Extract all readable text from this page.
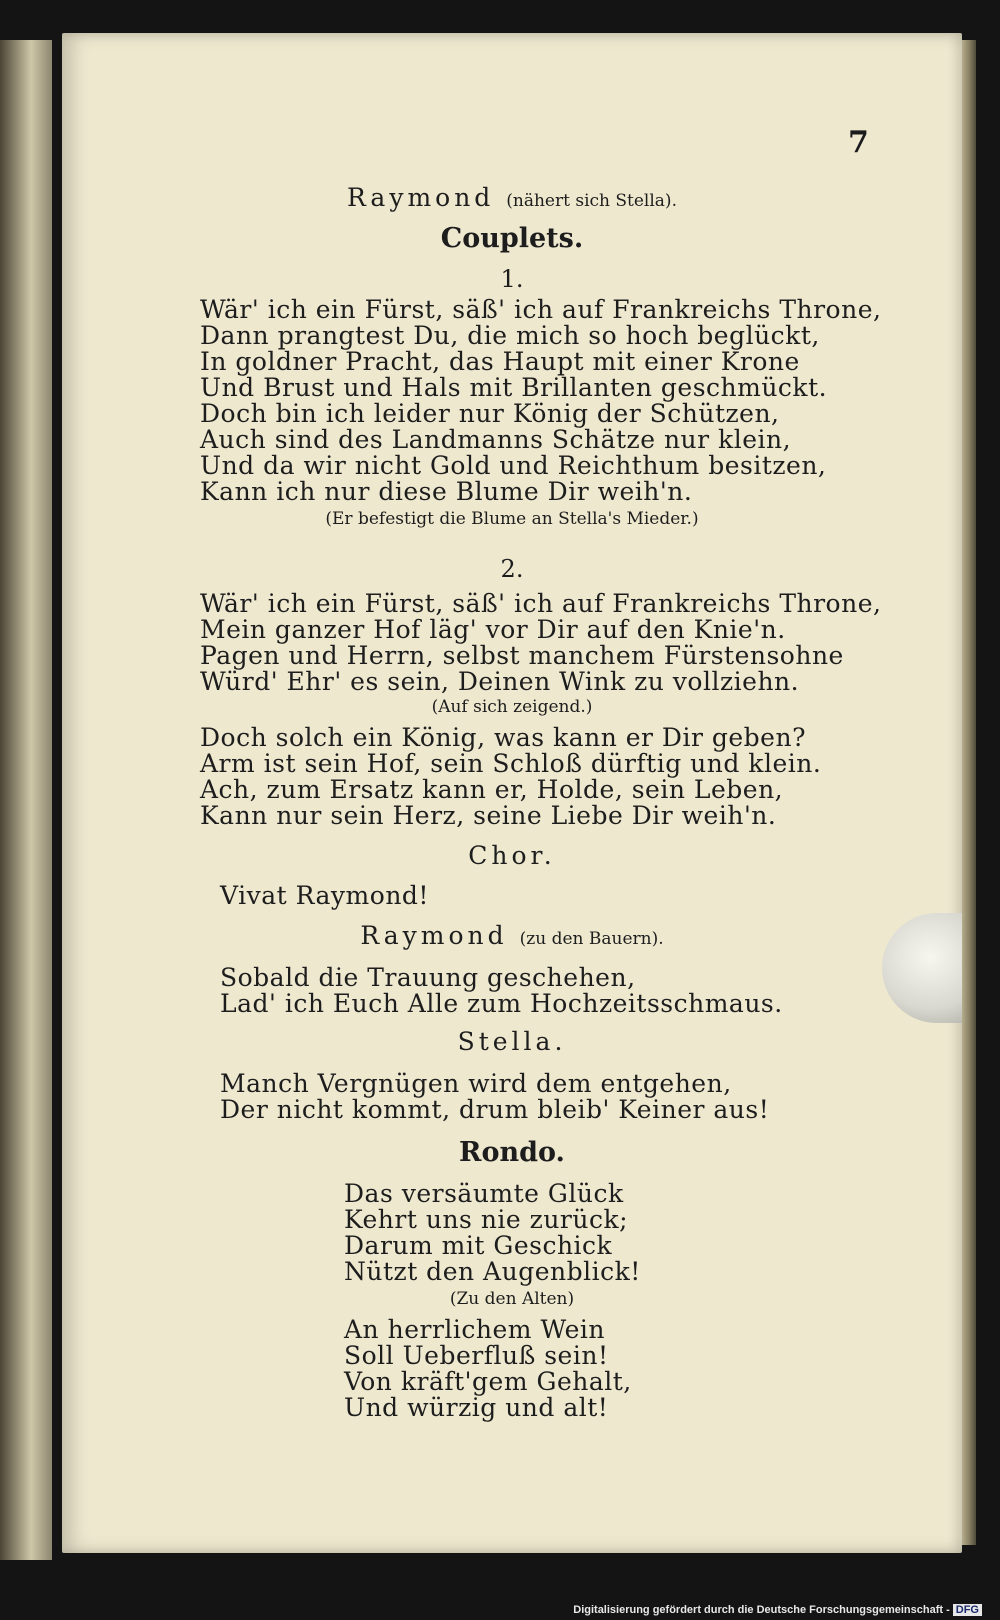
7
Raymond (nähert sich Stella).
Couplets.
1.
Wär' ich ein Fürst, säß' ich auf Frankreichs Throne,
Dann prangtest Du, die mich so hoch beglückt,
In goldner Pracht, das Haupt mit einer Krone
Und Brust und Hals mit Brillanten geschmückt.
Doch bin ich leider nur König der Schützen,
Auch sind des Landmanns Schätze nur klein,
Und da wir nicht Gold und Reichthum besitzen,
Kann ich nur diese Blume Dir weih'n.
(Er befestigt die Blume an Stella's Mieder.)
2.
Wär' ich ein Fürst, säß' ich auf Frankreichs Throne,
Mein ganzer Hof läg' vor Dir auf den Knie'n.
Pagen und Herrn, selbst manchem Fürstensohne
Würd' Ehr' es sein, Deinen Wink zu vollziehn.
(Auf sich zeigend.)
Doch solch ein König, was kann er Dir geben?
Arm ist sein Hof, sein Schloß dürftig und klein.
Ach, zum Ersatz kann er, Holde, sein Leben,
Kann nur sein Herz, seine Liebe Dir weih'n.
Chor.
Vivat Raymond!
Raymond (zu den Bauern).
Sobald die Trauung geschehen,
Lad' ich Euch Alle zum Hochzeitsschmaus.
Stella.
Manch Vergnügen wird dem entgehen,
Der nicht kommt, drum bleib' Keiner aus!
Rondo.
Das versäumte Glück
Kehrt uns nie zurück;
Darum mit Geschick
Nützt den Augenblick!
(Zu den Alten)
An herrlichem Wein
Soll Ueberfluß sein!
Von kräft'gem Gehalt,
Und würzig und alt!
Digitalisierung gefördert durch die Deutsche Forschungsgemeinschaft - DFG
